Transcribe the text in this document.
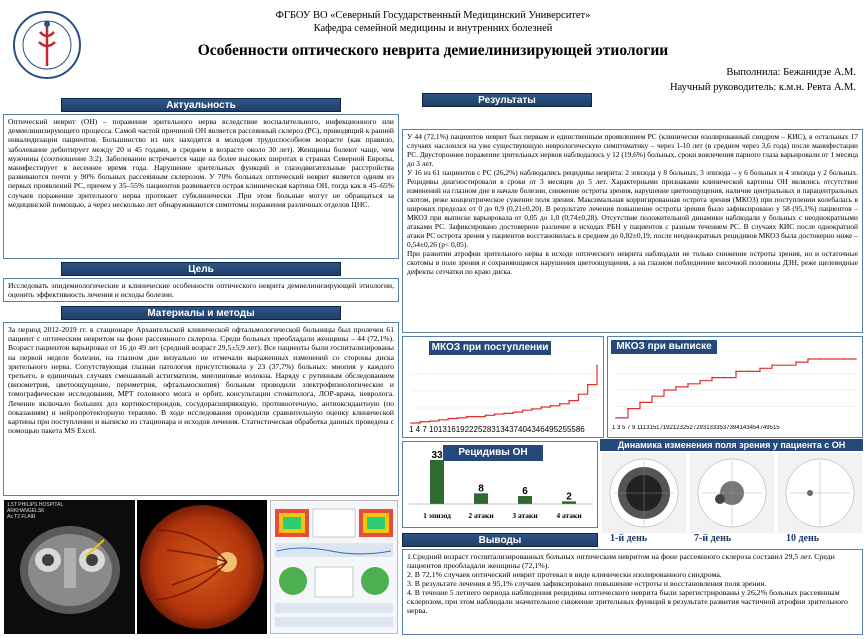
ФГБОУ ВО «Северный Государственный Медицинский Университет»
Кафедра семейной медицины и внутренних болезней
Особенности оптического неврита демиелинизирующей этиологии
Выполнила: Бежанидзе А.М.
Научный руководитель: к.м.н. Ревта А.М.
Актуальность
Оптический неврит (ОН) – поражение зрительного нерва вследствие воспалительного, инфекционного или демиелинизирующего процесса. Самой частой причиной ОН является рассеянный склероз (РС), приводящий к ранней инвалидизации пациентов. Большинство из них находятся в молодом трудоспособном возрасте (как правило, заболевание дебютирует между 20 и 45 годами, в среднем в возрасте около 30 лет). Женщины болеют чаще, чем мужчины (соотношение 3:2). Заболевание встречается чаще на более высоких широтах в странах Северной Европы, манифестирует в весеннее время года. Нарушение зрительных функций и глазодвигательные расстройства развиваются почти у 90% больных рассеянным склерозом. У 70% больных оптический неврит является одним из первых проявлений РС, причем у 35–55% пациентов развивается острая клиническая картина ОН, тогда как в 45–65% случаев поражение зрительного нерва протекает субклинически .При этом больные могут не обращаться за медицинской помощью, а через несколько лет обнаруживаются симптомы поражения различных отделов ЦНС.
Цель
Исследовать эпидемиологические и клинические особенности оптического неврита демиелинизирующей этиологии, оценить эффективность лечения и исходы болезни.
Материалы и методы
За период 2012-2019 гг. в стационаре Архангельской клинической офтальмологической больницы был пролечен 61 пациент с оптическим невритом на фоне рассеянного склероза. Среди больных преобладали женщины – 44 (72,1%). Возраст пациентов варьировал от 16 до 49 лет (средний возраст 29,5±5,9 лет). Все пациенты были госпитализированы на первой неделе болезни, на глазном дне визуально не отмечали выраженных изменений со стороны диска зрительного нерва. Сопутствующая глазная патология присутствовала у 23 (37,7%) больных: миопия у каждого третьего, в единичных случаях смешанный астигматизм, миелиновые волокна. Наряду с рутинным обследованием (визометрия, цветоощущение, периметрия, офтальмоскопия) больным проводили электрофизиологические и томографические исследования, МРТ головного мозга и орбит, консультации стоматолога, ЛОР-врача, невролога. Лечение включало больших доз кортикостероидов, сосудорасширяющую, противоотечную, антиоксидантную (по показаниям) и нейропротекторную терапию. В ходе исследования проводили сравнительную оценку клинической картины при поступлении и выписке из стационара и исходов лечения. Статистическая обработка данных проведена с помощью пакета MS Excel.
1.5T PHILIPS HOSPITAL
ARKHANGELSK
Ax T2 FLAIR
Результаты
У 44 (72,1%) пациентов неврит был первым и единственным проявлением РС (клинически изолированный синдром – КИС), в остальных 17 случаях наслоился на уже существующую неврологическую симптоматику – через 1-10 лет (в среднем через 3,6 года) после манифестации РС. Двустороннее поражение зрительных нервов наблюдалось у 12 (19,6%) больных, сроки вовлечения парного глаза варьировали от 1 месяца до 3 лет.
У 16 из 61 пациентов с РС (26,2%) наблюдались рецидивы неврита: 2 эпизода у 8 больных, 3 эпизода – у 6 больных и 4 эпизода у 2 больных. Рецидивы диагностировали в сроки от 3 месяцев до 5 лет. Характерными признаками клинической картины ОН являлись отсутствие изменений на глазном дне в начале болезни, снижение остроты зрения, нарушение цветоощущения, наличие центральных и парацентральных скотом, реже концентрическое сужение поля зрения. Максимальная корригированная острота зрения (МКОЗ) при поступлении колебалась в широких пределах от 0 до 0,9 (0,21±0,20). В результате лечения повышение остроты зрения было зафиксировано у 58 (95,1%) пациентов – МКОЗ при выписке варьировала от 0,05 до 1,0 (0,74±0,28). Отсутствие положительной динамики наблюдали у больных с неоднократными атаками РС. Зафиксировано достоверное различие в исходах РБН у пациентов с разным течением РС. В случаях КИС после однократной атаки РС острота зрения у пациентов восстановилась в среднем до 0,82±0,19, после неоднократных рецидивов МКОЗ была достоверно ниже – 0,54±0,26 (р< 0,05).
При развитии атрофии зрительного нерва в исходе оптического неврита наблюдали не только снижение остроты зрения, но и остаточные скотомы в поле зрения и сохраняющиеся нарушения цветоощущения, а на глазном побледнение височной половины ДЗН, реже щелевидные дефекты сетчатки по краю диска.
МКОЗ при поступлении
1 4 7 10131619222528313437404346495255586
МКОЗ при выписке
1 3 5 7 9 1113151719212325272931333537394143454749515
Рецидивы ОН
33
1 эпизод
8
2 атаки
6
3 атаки
2
4 атаки
Динамика изменения поля зрения у пациента с ОН
Выводы	1-й день	7-й день	10 день
1.Средний возраст госпитализированных больных оптическим невритом на фоне рассеянного склероза составил 29,5 лет. Среди пациентов преобладали женщины (72,1%).
2. В 72,1% случаев оптический неврит протекал в виде клинически изолированного синдрома.
3. В результате лечения в 95,1% случаев зафиксировано повышение остроты и восстановления поля зрения.
4. В течение 5 летнего периода наблюдения рецидивы оптического неврита были зарегистрированы у 26,2% больных рассеянным склерозом, при этом наблюдали значительное снижение зрительных функций в результате развития частичной атрофии зрительного нерва.
